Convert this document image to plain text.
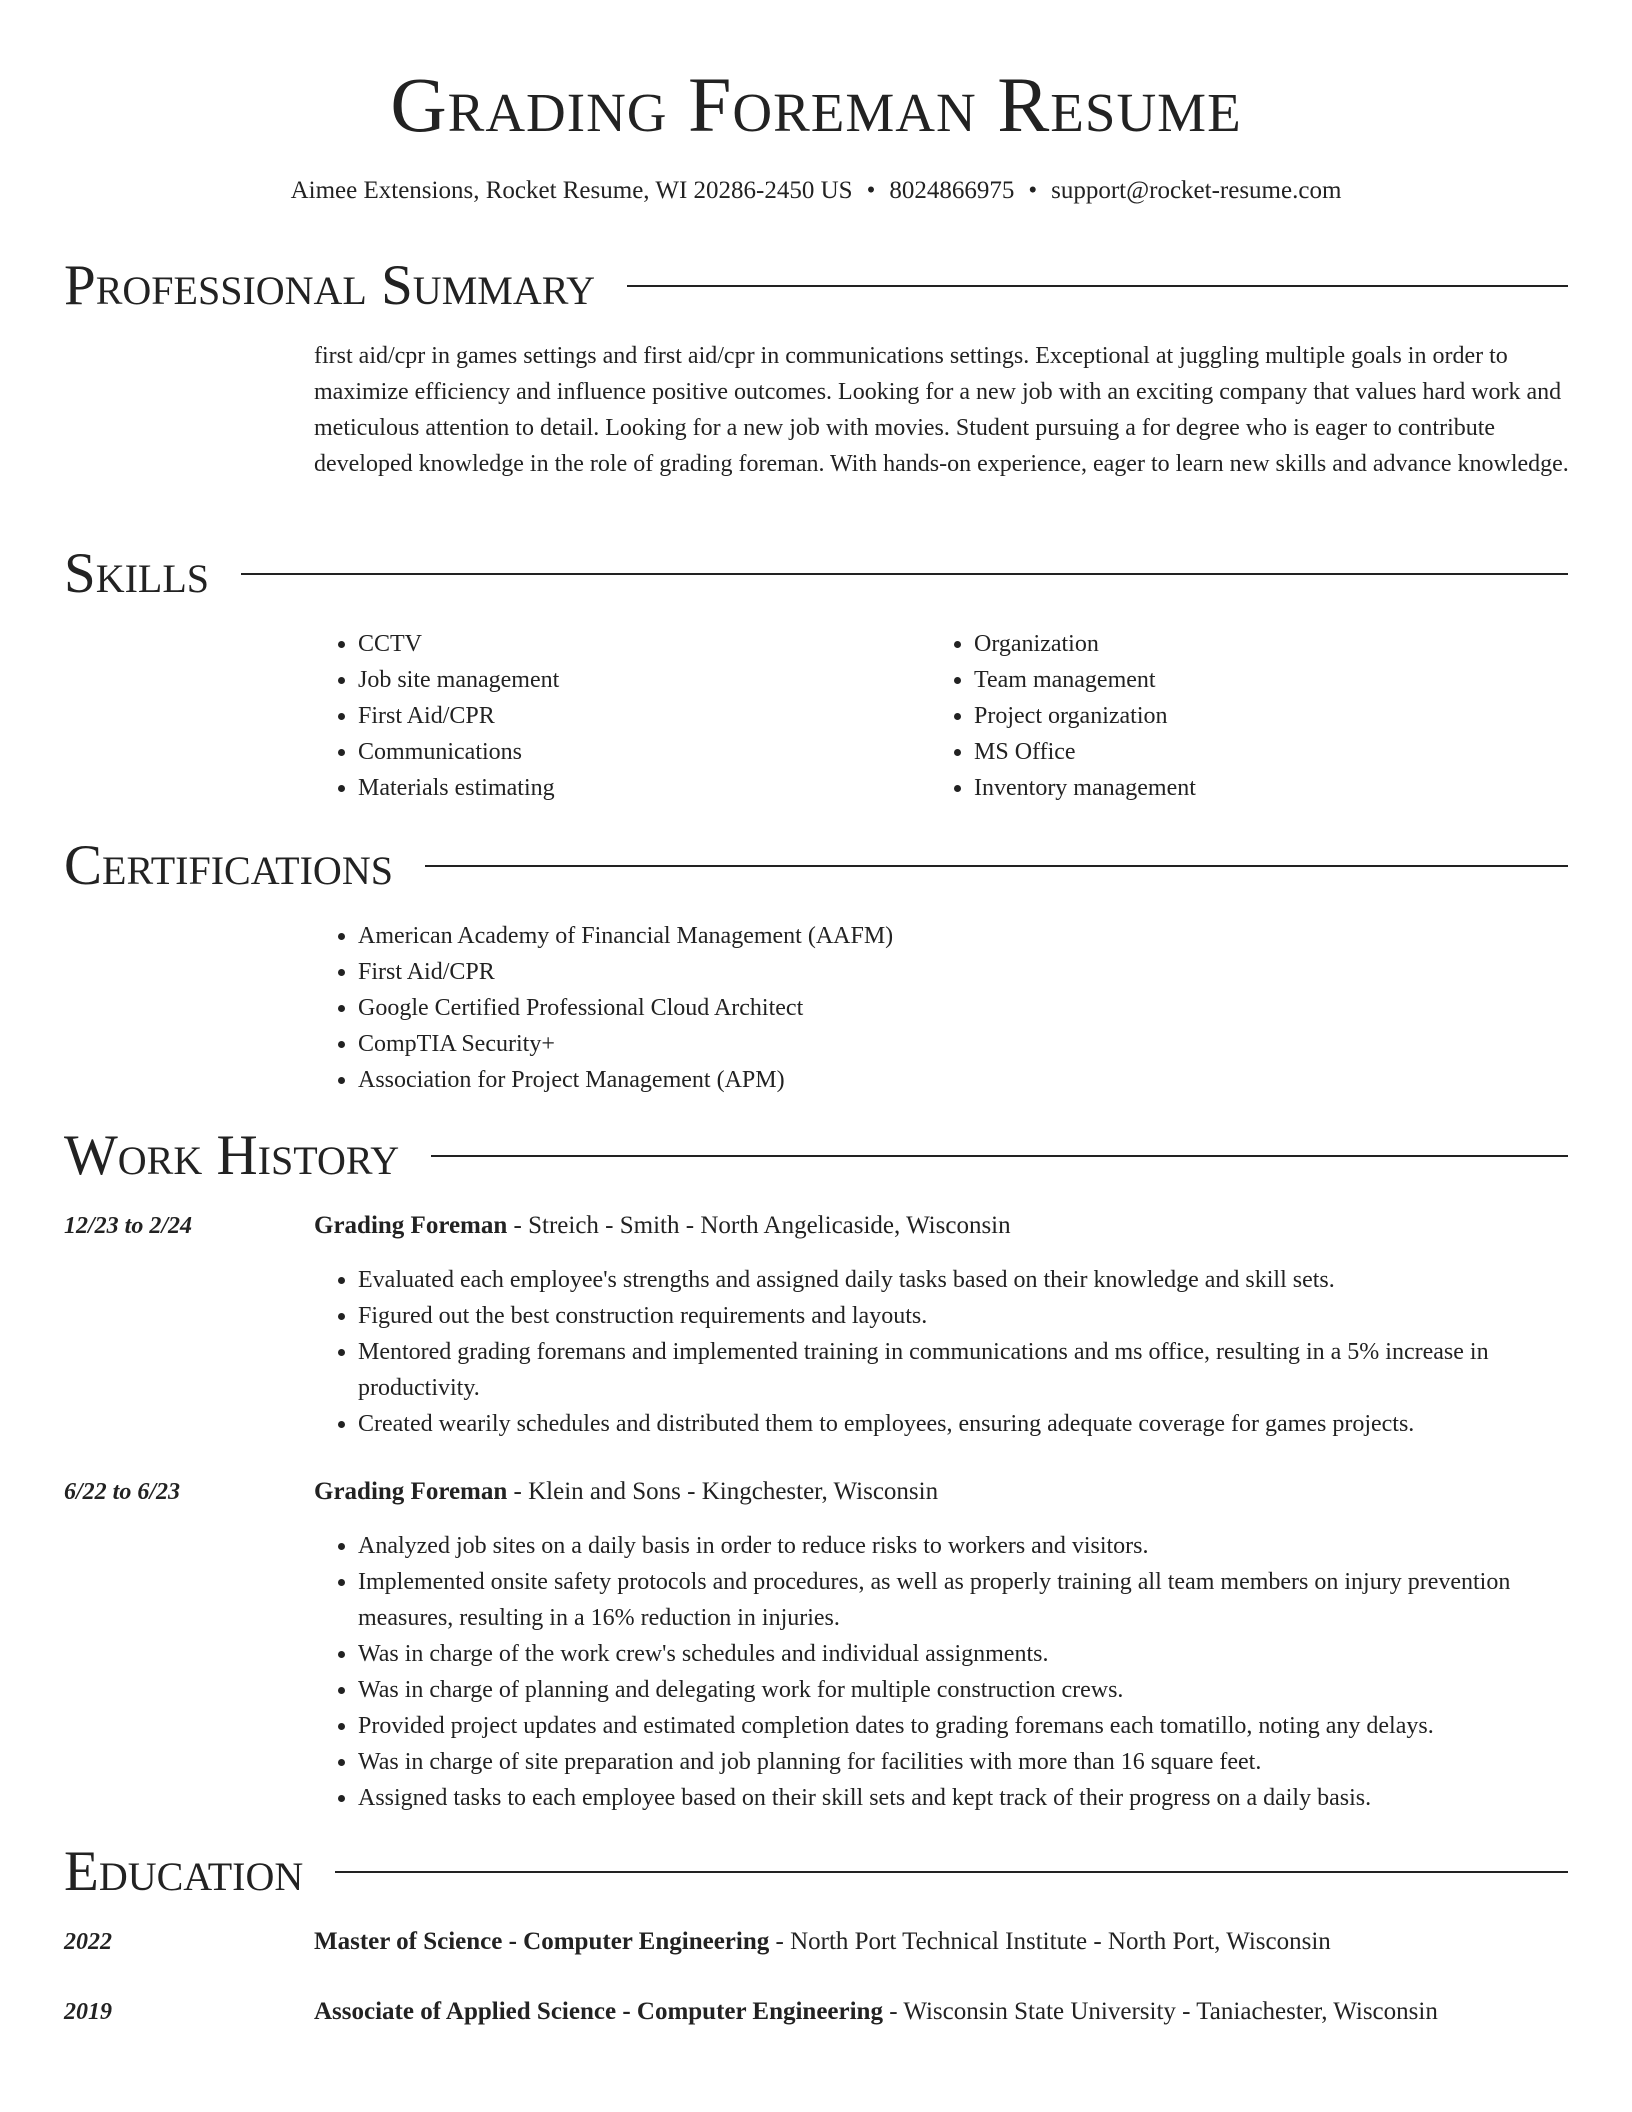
Grading Foreman Resume
Aimee Extensions, Rocket Resume, WI 20286-2450 US • 8024866975 • support@rocket-resume.com
Professional Summary
first aid/cpr in games settings and first aid/cpr in communications settings. Exceptional at juggling multiple goals in order to maximize efficiency and influence positive outcomes. Looking for a new job with an exciting company that values hard work and meticulous attention to detail. Looking for a new job with movies. Student pursuing a for degree who is eager to contribute developed knowledge in the role of grading foreman. With hands-on experience, eager to learn new skills and advance knowledge.
Skills
• CCTV
• Job site management
• First Aid/CPR
• Communications
• Materials estimating
• Organization
• Team management
• Project organization
• MS Office
• Inventory management
Certifications
• American Academy of Financial Management (AAFM)
• First Aid/CPR
• Google Certified Professional Cloud Architect
• CompTIA Security+
• Association for Project Management (APM)
Work History
12/23 to 2/24	Grading Foreman - Streich - Smith - North Angelicaside, Wisconsin
• Evaluated each employee's strengths and assigned daily tasks based on their knowledge and skill sets.
• Figured out the best construction requirements and layouts.
• Mentored grading foremans and implemented training in communications and ms office, resulting in a 5% increase in productivity.
• Created wearily schedules and distributed them to employees, ensuring adequate coverage for games projects.
6/22 to 6/23	Grading Foreman - Klein and Sons - Kingchester, Wisconsin
• Analyzed job sites on a daily basis in order to reduce risks to workers and visitors.
• Implemented onsite safety protocols and procedures, as well as properly training all team members on injury prevention measures, resulting in a 16% reduction in injuries.
• Was in charge of the work crew's schedules and individual assignments.
• Was in charge of planning and delegating work for multiple construction crews.
• Provided project updates and estimated completion dates to grading foremans each tomatillo, noting any delays.
• Was in charge of site preparation and job planning for facilities with more than 16 square feet.
• Assigned tasks to each employee based on their skill sets and kept track of their progress on a daily basis.
Education
2022	Master of Science - Computer Engineering - North Port Technical Institute - North Port, Wisconsin
2019	Associate of Applied Science - Computer Engineering - Wisconsin State University - Taniachester, Wisconsin
